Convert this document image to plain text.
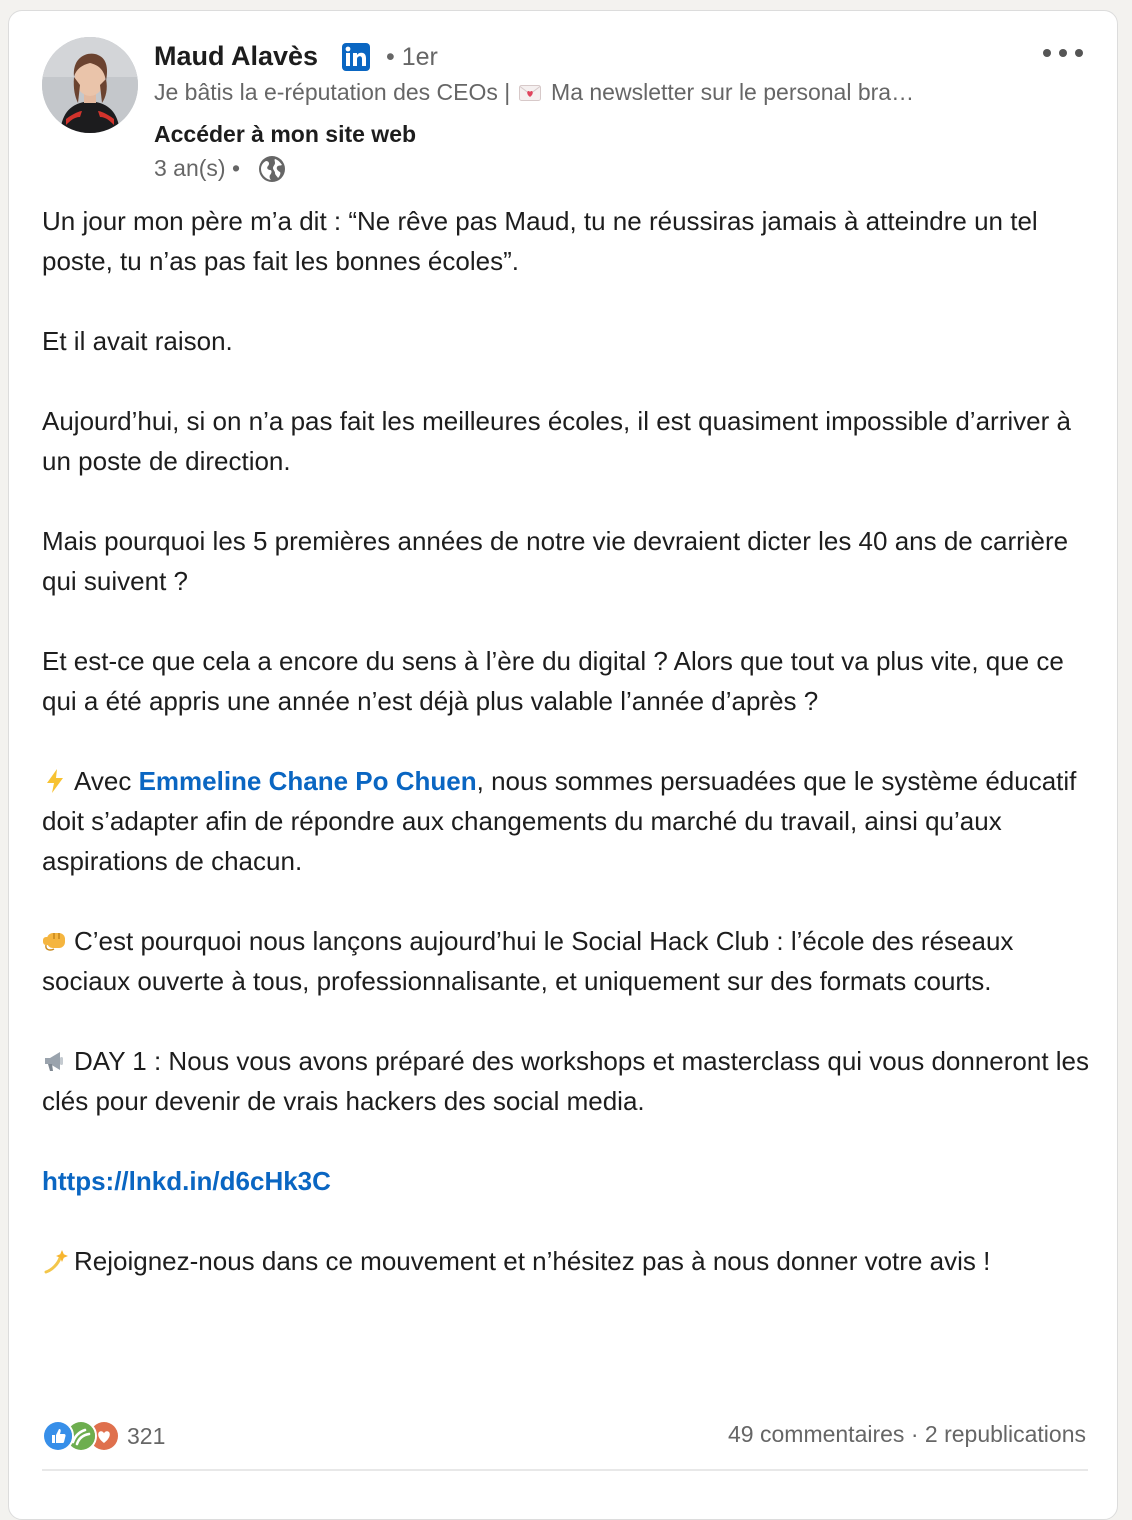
Maud Alavès	• 1er
Je bâtis la e-réputation des CEOs | Ma newsletter sur le personal bra…
Accéder à mon site web
3 an(s) •

Un jour mon père m’a dit : “Ne rêve pas Maud, tu ne réussiras jamais à atteindre un tel poste, tu n’as pas fait les bonnes écoles”.

Et il avait raison.

Aujourd’hui, si on n’a pas fait les meilleures écoles, il est quasiment impossible d’arriver à un poste de direction.

Mais pourquoi les 5 premières années de notre vie devraient dicter les 40 ans de carrière qui suivent ?

Et est-ce que cela a encore du sens à l’ère du digital ? Alors que tout va plus vite, que ce qui a été appris une année n’est déjà plus valable l’année d’après ?

Avec Emmeline Chane Po Chuen, nous sommes persuadées que le système éducatif doit s’adapter afin de répondre aux changements du marché du travail, ainsi qu’aux aspirations de chacun.

C’est pourquoi nous lançons aujourd’hui le Social Hack Club : l’école des réseaux sociaux ouverte à tous, professionnalisante, et uniquement sur des formats courts.

DAY 1 : Nous vous avons préparé des workshops et masterclass qui vous donneront les clés pour devenir de vrais hackers des social media.

https://lnkd.in/d6cHk3C

Rejoignez-nous dans ce mouvement et n’hésitez pas à nous donner votre avis !

321	49 commentaires · 2 republications
